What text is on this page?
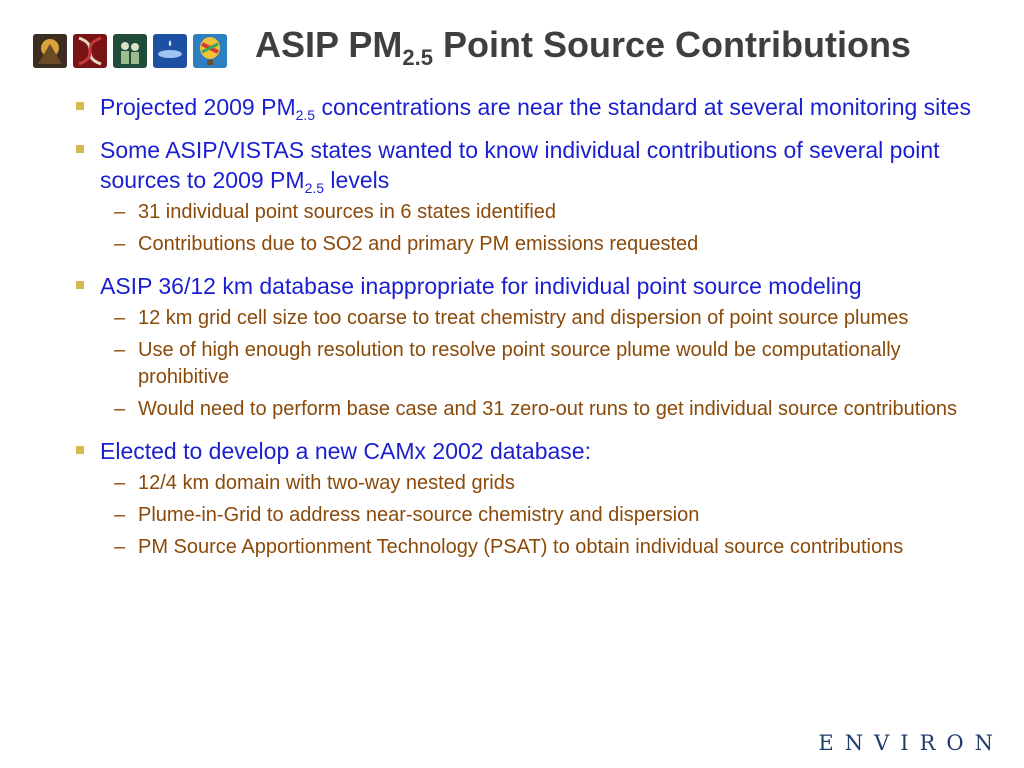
ASIP $PM_{2.5}$ Point Source Contributions
Projected 2009 $PM_{2.5}$ concentrations are near the standard at several monitoring sites
Some ASIP/VISTAS states wanted to know individual contributions of several point sources to 2009 $PM_{2.5}$ levels
– 31 individual point sources in 6 states identified
– Contributions due to SO2 and primary PM emissions requested
ASIP 36/12 km database inappropriate for individual point source modeling
– 12 km grid cell size too coarse to treat chemistry and dispersion of point source plumes
– Use of high enough resolution to resolve point source plume would be computationally prohibitive
– Would need to perform base case and 31 zero-out runs to get individual source contributions
Elected to develop a new CAMx 2002 database:
– 12/4 km domain with two-way nested grids
– Plume-in-Grid to address near-source chemistry and dispersion
– PM Source Apportionment Technology (PSAT) to obtain individual source contributions
ENVIRON
